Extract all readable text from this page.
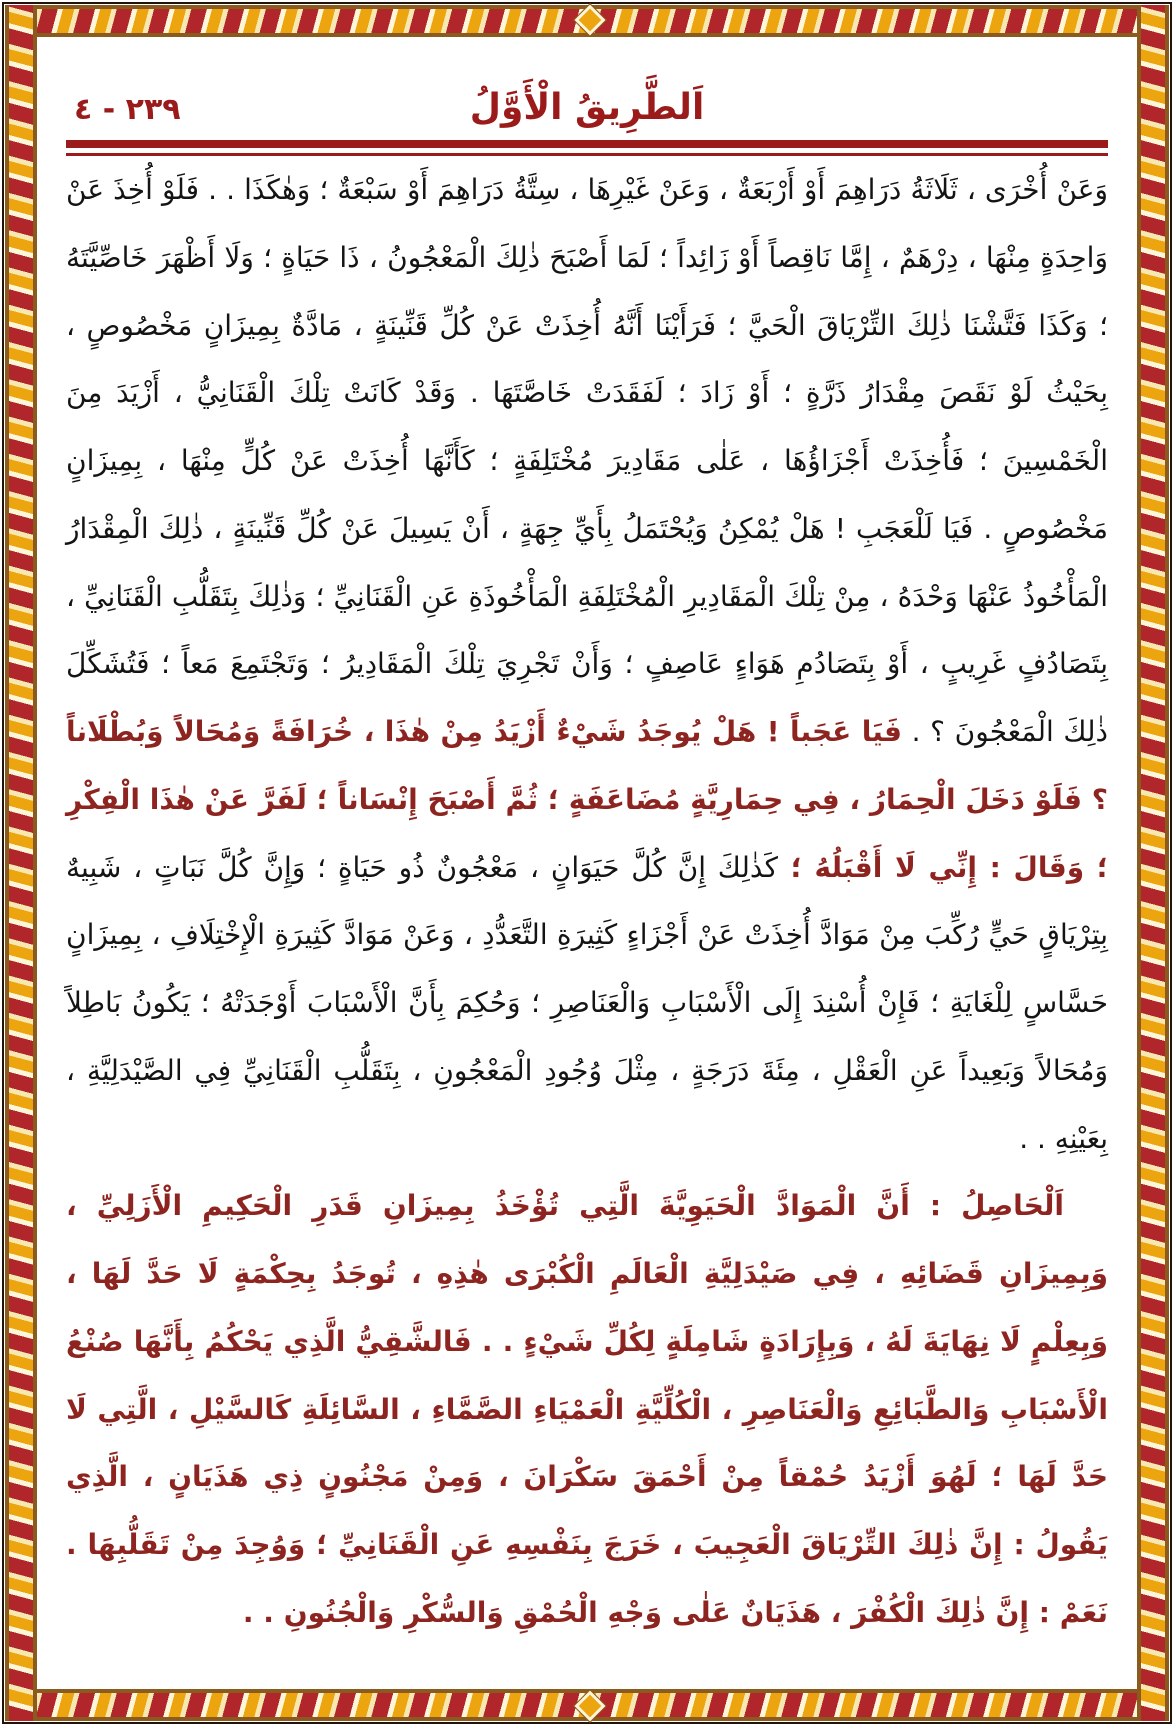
٢٣٩ - ٤	اَلطَّرِيقُ الْأَوَّلُ

وَعَنْ أُخْرَى ، ثَلَاثَةُ دَرَاهِمَ أَوْ أَرْبَعَةٌ ، وَعَنْ غَيْرِهَا ، سِتَّةُ دَرَاهِمَ أَوْ سَبْعَةٌ ؛ وَهٰكَذَا . . فَلَوْ أُخِذَ عَنْ وَاحِدَةٍ مِنْهَا ، دِرْهَمٌ ، إِمَّا نَاقِصاً أَوْ زَائِداً ؛ لَمَا أَصْبَحَ ذٰلِكَ الْمَعْجُونُ ، ذَا حَيَاةٍ ؛ وَلَا أَظْهَرَ خَاصِّيَّتَهُ ؛ وَكَذَا فَتَّشْنَا ذٰلِكَ التِّرْيَاقَ الْحَيَّ ؛ فَرَأَيْنَا أَنَّهُ أُخِذَتْ عَنْ كُلِّ قَنِّينَةٍ ، مَادَّةٌ بِمِيزَانٍ مَخْصُوصٍ ، بِحَيْثُ لَوْ نَقَصَ مِقْدَارُ ذَرَّةٍ ؛ أَوْ زَادَ ؛ لَفَقَدَتْ خَاصَّتَهَا . وَقَدْ كَانَتْ تِلْكَ الْقَنَانِيُّ ، أَزْيَدَ مِنَ الْخَمْسِينَ ؛ فَأُخِذَتْ أَجْزَاؤُهَا ، عَلٰى مَقَادِيرَ مُخْتَلِفَةٍ ؛ كَأَنَّهَا أُخِذَتْ عَنْ كُلٍّ مِنْهَا ، بِمِيزَانٍ مَخْصُوصٍ . فَيَا لَلْعَجَبِ ! هَلْ يُمْكِنُ وَيُحْتَمَلُ بِأَيِّ جِهَةٍ ، أَنْ يَسِيلَ عَنْ كُلِّ قَنِّينَةٍ ، ذٰلِكَ الْمِقْدَارُ الْمَأْخُوذُ عَنْهَا وَحْدَهُ ، مِنْ تِلْكَ الْمَقَادِيرِ الْمُخْتَلِفَةِ الْمَأْخُوذَةِ عَنِ الْقَنَانِيِّ ؛ وَذٰلِكَ بِتَقَلُّبِ الْقَنَانِيِّ ، بِتَصَادُفٍ غَرِيبٍ ، أَوْ بِتَصَادُمِ هَوَاءٍ عَاصِفٍ ؛ وَأَنْ تَجْرِيَ تِلْكَ الْمَقَادِيرُ ؛ وَتَجْتَمِعَ مَعاً ؛ فَتُشَكِّلَ ذٰلِكَ الْمَعْجُونَ ؟ . فَيَا عَجَباً ! هَلْ يُوجَدُ شَيْءٌ أَزْيَدُ مِنْ هٰذَا ، خُرَافَةً وَمُحَالاً وَبُطْلَاناً ؟ فَلَوْ دَخَلَ الْحِمَارُ ، فِي حِمَارِيَّةٍ مُضَاعَفَةٍ ؛ ثُمَّ أَصْبَحَ إِنْسَاناً ؛ لَفَرَّ عَنْ هٰذَا الْفِكْرِ ؛ وَقَالَ : إِنِّي لَا أَقْبَلُهُ ؛ كَذٰلِكَ إِنَّ كُلَّ حَيَوَانٍ ، مَعْجُونٌ ذُو حَيَاةٍ ؛ وَإِنَّ كُلَّ نَبَاتٍ ، شَبِيهٌ بِتِرْيَاقٍ حَيٍّ رُكِّبَ مِنْ مَوَادَّ أُخِذَتْ عَنْ أَجْزَاءٍ كَثِيرَةِ التَّعَدُّدِ ، وَعَنْ مَوَادَّ كَثِيرَةِ الْإِخْتِلَافِ ، بِمِيزَانٍ حَسَّاسٍ لِلْغَايَةِ ؛ فَإِنْ أُسْنِدَ إِلَى الْأَسْبَابِ وَالْعَنَاصِرِ ؛ وَحُكِمَ بِأَنَّ الْأَسْبَابَ أَوْجَدَتْهُ ؛ يَكُونُ بَاطِلاً وَمُحَالاً وَبَعِيداً عَنِ الْعَقْلِ ، مِئَةَ دَرَجَةٍ ، مِثْلَ وُجُودِ الْمَعْجُونِ ، بِتَقَلُّبِ الْقَنَانِيِّ فِي الصَّيْدَلِيَّةِ ، بِعَيْنِهِ . .

اَلْحَاصِلُ : أَنَّ الْمَوَادَّ الْحَيَوِيَّةَ الَّتِي تُؤْخَذُ بِمِيزَانِ قَدَرِ الْحَكِيمِ الْأَزَلِيِّ ، وَبِمِيزَانِ قَضَائِهِ ، فِي صَيْدَلِيَّةِ الْعَالَمِ الْكُبْرَى هٰذِهِ ، تُوجَدُ بِحِكْمَةٍ لَا حَدَّ لَهَا ، وَبِعِلْمٍ لَا نِهَايَةَ لَهُ ، وَبِإِرَادَةٍ شَامِلَةٍ لِكُلِّ شَيْءٍ . . فَالشَّقِيُّ الَّذِي يَحْكُمُ بِأَنَّهَا صُنْعُ الْأَسْبَابِ وَالطَّبَائِعِ وَالْعَنَاصِرِ ، الْكُلِّيَّةِ الْعَمْيَاءِ الصَّمَّاءِ ، السَّائِلَةِ كَالسَّيْلِ ، الَّتِي لَا حَدَّ لَهَا ؛ لَهُوَ أَزْيَدُ حُمْقاً مِنْ أَحْمَقَ سَكْرَانَ ، وَمِنْ مَجْنُونٍ ذِي هَذَيَانٍ ، الَّذِي يَقُولُ : إِنَّ ذٰلِكَ التِّرْيَاقَ الْعَجِيبَ ، خَرَجَ بِنَفْسِهِ عَنِ الْقَنَانِيِّ ؛ وَوُجِدَ مِنْ تَقَلُّبِهَا . نَعَمْ : إِنَّ ذٰلِكَ الْكُفْرَ ، هَذَيَانٌ عَلٰى وَجْهِ الْحُمْقِ وَالسُّكْرِ وَالْجُنُونِ . .
